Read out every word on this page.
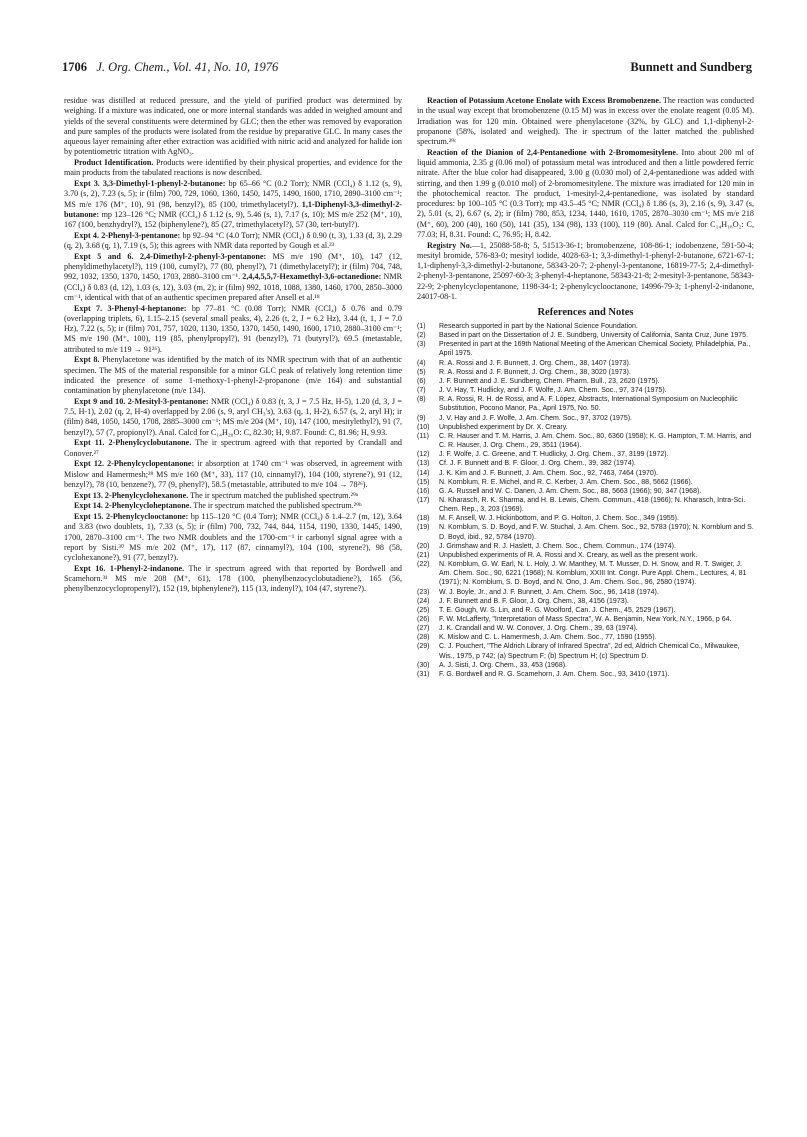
1706 J. Org. Chem., Vol. 41, No. 10, 1976	Bunnett and Sundberg

residue was distilled at reduced pressure, and the yield of purified product was determined by weighing. If a mixture was indicated, one or more internal standards was added in weighed amount and yields of the several constituents were determined by GLC; then the ether was removed by evaporation and pure samples of the products were isolated from the residue by preparative GLC. In many cases the aqueous layer remaining after ether extraction was acidified with nitric acid and analyzed for halide ion by potentiometric titration with AgNO₃.

Product Identification. Products were identified by their physical properties, and evidence for the main products from the tabulated reactions is now described.

Expt 3. 3,3-Dimethyl-1-phenyl-2-butanone: bp 65–66 °C (0.2 Torr); NMR (CCl₄) δ 1.12 (s, 9), 3.70 (s, 2), 7.23 (s, 5); ir (film) 700, 729, 1060, 1360, 1450, 1475, 1490, 1600, 1710, 2890–3100 cm⁻¹; MS m/e 176 (M⁺, 10), 91 (98, benzyl?), 85 (100, trimethylacetyl?). 1,1-Diphenyl-3,3-dimethyl-2-butanone: mp 123–126 °C; NMR (CCl₄) δ 1.12 (s, 9), 5.46 (s, 1), 7.17 (s, 10); MS m/e 252 (M⁺, 10), 167 (100, benzhydryl?), 152 (biphenylene?), 85 (27, trimethylacetyl?), 57 (30, tert-butyl?).

Expt 4. 2-Phenyl-3-pentanone: bp 92–94 °C (4.0 Torr); NMR (CCl₄) δ 0.90 (t, 3), 1.33 (d, 3), 2.29 (q, 2), 3.68 (q, 1), 7.19 (s, 5); this agrees with NMR data reported by Gough et al.²³

Expt 5 and 6. 2,4-Dimethyl-2-phenyl-3-pentanone: MS m/e 190 (M⁺, 10), 147 (12, phenyldimethylacetyl?), 119 (100, cumyl?), 77 (80, phenyl?), 71 (dimethylacetyl?); ir (film) 704, 748, 992, 1032, 1350, 1370, 1450, 1703, 2880–3100 cm⁻¹. 2,4,4,5,5,7-Hexamethyl-3,6-octanedione: NMR (CCl₄) δ 0.83 (d, 12), 1.03 (s, 12), 3.03 (m, 2); ir (film) 992, 1018, 1088, 1380, 1460, 1700, 2850–3000 cm⁻¹, identical with that of an authentic specimen prepared after Ansell et al.¹⁸

Expt 7. 3-Phenyl-4-heptanone: bp 77–81 °C (0.08 Torr); NMR (CCl₄) δ 0.76 and 0.79 (overlapping triplets, 6), 1.15–2.15 (several small peaks, 4), 2.26 (t, 2, J = 6.2 Hz), 3.44 (t, 1, J = 7.0 Hz), 7.22 (s, 5); ir (film) 701, 757, 1020, 1130, 1350, 1370, 1450, 1490, 1600, 1710, 2880–3100 cm⁻¹; MS m/e 190 (M⁺, 100), 119 (85, phenylpropyl?), 91 (benzyl?), 71 (butyryl?), 69.5 (metastable, attributed to m/e 119 → 91²⁶).

Expt 8. Phenylacetone was identified by the match of its NMR spectrum with that of an authentic specimen. The MS of the material responsible for a minor GLC peak of relatively long retention time indicated the presence of some 1-methoxy-1-phenyl-2-propanone (m/e 164) and substantial contamination by phenylacetone (m/e 134).

Expt 9 and 10. 2-Mesityl-3-pentanone: NMR (CCl₄) δ 0.83 (t, 3, J = 7.5 Hz, H-5), 1.20 (d, 3, J = 7.5, H-1), 2.02 (q, 2, H-4) overlapped by 2.06 (s, 9, aryl CH₃'s), 3.63 (q, 1, H-2), 6.57 (s, 2, aryl H); ir (film) 848, 1050, 1450, 1708, 2885–3000 cm⁻¹; MS m/e 204 (M⁺, 10), 147 (100, mesitylethyl?), 91 (7, benzyl?), 57 (7, propionyl?). Anal. Calcd for C₁₄H₂₀O: C, 82.30; H, 9.87. Found: C, 81.96; H, 9.93.

Expt 11. 2-Phenylcyclobutanone. The ir spectrum agreed with that reported by Crandall and Conover.²⁷

Expt 12. 2-Phenylcyclopentanone: ir absorption at 1740 cm⁻¹ was observed, in agreement with Mislow and Hamermesh;²⁸ MS m/e 160 (M⁺, 33), 117 (10, cinnamyl?), 104 (100, styrene?), 91 (12, benzyl?), 78 (10, benzene?), 77 (9, phenyl?), 58.5 (metastable, attributed to m/e 104 → 78²⁶).

Expt 13. 2-Phenylcyclohexanone. The ir spectrum matched the published spectrum.²⁹ᵃ

Expt 14. 2-Phenylcycloheptanone. The ir spectrum matched the published spectrum.²⁹ᵇ

Expt 15. 2-Phenylcyclooctanone: bp 115–120 °C (0.4 Torr); NMR (CCl₄) δ 1.4–2.7 (m, 12), 3.64 and 3.83 (two doublets, 1), 7.33 (s, 5); ir (film) 700, 732, 744, 844, 1154, 1190, 1330, 1445, 1490, 1700, 2870–3100 cm⁻¹. The two NMR doublets and the 1700-cm⁻¹ ir carbonyl signal agree with a report by Sisti.³⁰ MS m/e 202 (M⁺, 17), 117 (87, cinnamyl?), 104 (100, styrene?), 98 (58, cyclohexanone?), 91 (77, benzyl?).

Expt 16. 1-Phenyl-2-indanone. The ir spectrum agreed with that reported by Bordwell and Scamehorn.³¹ MS m/e 208 (M⁺, 61), 178 (100, phenylbenzocyclobutadiene?), 165 (56, phenylbenzocyclopropenyl?), 152 (19, biphenylene?), 115 (13, indenyl?), 104 (47, styrene?).

Reaction of Potassium Acetone Enolate with Excess Bromobenzene. The reaction was conducted in the usual way except that bromobenzene (0.15 M) was in excess over the enolate reagent (0.05 M). Irradiation was for 120 min. Obtained were phenylacetone (32%, by GLC) and 1,1-diphenyl-2-propanone (58%, isolated and weighed). The ir spectrum of the latter matched the published spectrum.²⁹ᶜ

Reaction of the Dianion of 2,4-Pentanedione with 2-Bromomesitylene. Into about 200 ml of liquid ammonia, 2.35 g (0.06 mol) of potassium metal was introduced and then a little powdered ferric nitrate. After the blue color had disappeared, 3.00 g (0.030 mol) of 2,4-pentanedione was added with stirring, and then 1.99 g (0.010 mol) of 2-bromomesitylene. The mixture was irradiated for 120 min in the photochemical reactor. The product, 1-mesityl-2,4-pentanedione, was isolated by standard procedures: bp 100–105 °C (0.3 Torr); mp 43.5–45 °C; NMR (CCl₄) δ 1.86 (s, 3), 2.16 (s, 9), 3.47 (s, 2), 5.01 (s, 2), 6.67 (s, 2); ir (film) 780, 853, 1234, 1440, 1610, 1705, 2870–3030 cm⁻¹; MS m/e 218 (M⁺, 60), 200 (40), 160 (50), 141 (35), 134 (98), 133 (100), 119 (80). Anal. Calcd for C₁₄H₁₈O₂: C, 77.03; H, 8.31. Found: C, 76.95; H, 8.42.

Registry No.—1, 25088-58-8; 5, 51513-36-1; bromobenzene, 108-86-1; iodobenzene, 591-50-4; mesityl bromide, 576-83-0; mesityl iodide, 4028-63-1; 3,3-dimethyl-1-phenyl-2-butanone, 6721-67-1; 1,1-diphenyl-3,3-dimethyl-2-butanone, 58343-20-7; 2-phenyl-3-pentanone, 16819-77-5; 2,4-dimethyl-2-phenyl-3-pentanone, 25097-60-3; 3-phenyl-4-heptanone, 58343-21-8; 2-mesityl-3-pentanone, 58343-22-9; 2-phenylcyclopentanone, 1198-34-1; 2-phenylcyclooctanone, 14996-79-3; 1-phenyl-2-indanone, 24017-08-1.

References and Notes
(1) Research supported in part by the National Science Foundation.
(2) Based in part on the Dissertation of J. E. Sundberg, University of California, Santa Cruz, June 1975.
(3) Presented in part at the 169th National Meeting of the American Chemical Society, Philadelphia, Pa., April 1975.
(4) R. A. Rossi and J. F. Bunnett, J. Org. Chem., 38, 1407 (1973).
(5) R. A. Rossi and J. F. Bunnett, J. Org. Chem., 38, 3020 (1973).
(6) J. F. Bunnett and J. E. Sundberg, Chem. Pharm. Bull., 23, 2620 (1975).
(7) J. V. Hay, T. Hudlicky, and J. F. Wolfe, J. Am. Chem. Soc., 97, 374 (1975).
(8) R. A. Rossi, R. H. de Rossi, and A. F. López, Abstracts, International Symposium on Nucleophilic Substitution, Pocono Manor, Pa., April 1975, No. 50.
(9) J. V. Hay and J. F. Wolfe, J. Am. Chem. Soc., 97, 3702 (1975).
(10) Unpublished experiment by Dr. X. Creary.
(11) C. R. Hauser and T. M. Harris, J. Am. Chem. Soc., 80, 6360 (1958); K. G. Hampton, T. M. Harris, and C. R. Hauser, J. Org. Chem., 29, 3511 (1964).
(12) J. F. Wolfe, J. C. Greene, and T. Hudlicky, J. Org. Chem., 37, 3199 (1972).
(13) Cf. J. F. Bunnett and B. F. Gloor, J. Org. Chem., 39, 382 (1974).
(14) J. K. Kim and J. F. Bunnett, J. Am. Chem. Soc., 92, 7463, 7464 (1970).
(15) N. Kornblum, R. E. Michel, and R. C. Kerber, J. Am. Chem. Soc., 88, 5662 (1966).
(16) G. A. Russell and W. C. Danen, J. Am. Chem. Soc., 88, 5663 (1966); 90, 347 (1968).
(17) N. Kharasch, R. K. Sharma, and H. B. Lewis, Chem. Commun., 418 (1966); N. Kharasch, Intra-Sci. Chem. Rep., 3, 203 (1969).
(18) M. F. Ansell, W. J. Hickinbottom, and P. G. Holton, J. Chem. Soc., 349 (1955).
(19) N. Kornblum, S. D. Boyd, and F. W. Stuchal, J. Am. Chem. Soc., 92, 5783 (1970); N. Kornblum and S. D. Boyd, ibid., 92, 5784 (1970).
(20) J. Grimshaw and R. J. Haslett, J. Chem. Soc., Chem. Commun., 174 (1974).
(21) Unpublished experiments of R. A. Rossi and X. Creary, as well as the present work.
(22) N. Kornblum, G. W. Earl, N. L. Holy, J. W. Manthey, M. T. Musser, D. H. Snow, and R. T. Swiger, J. Am. Chem. Soc., 90, 6221 (1968); N. Kornblum, XXIII Int. Congr. Pure Appl. Chem., Lectures, 4, 81 (1971); N. Kornblum, S. D. Boyd, and N. Ono, J. Am. Chem. Soc., 96, 2580 (1974).
(23) W. J. Boyle, Jr., and J. F. Bunnett, J. Am. Chem. Soc., 96, 1418 (1974).
(24) J. F. Bunnett and B. F. Gloor, J. Org. Chem., 38, 4156 (1973).
(25) T. E. Gough, W. S. Lin, and R. G. Woolford, Can. J. Chem., 45, 2529 (1967).
(26) F. W. McLafferty, "Interpretation of Mass Spectra", W. A. Benjamin, New York, N.Y., 1966, p 64.
(27) J. K. Crandall and W. W. Conover, J. Org. Chem., 39, 63 (1974).
(28) K. Mislow and C. L. Hamermesh, J. Am. Chem. Soc., 77, 1590 (1955).
(29) C. J. Pouchert, "The Aldrich Library of Infrared Spectra", 2d ed, Aldrich Chemical Co., Milwaukee, Wis., 1975, p 742; (a) Spectrum F; (b) Spectrum H; (c) Spectrum D.
(30) A. J. Sisti, J. Org. Chem., 33, 453 (1968).
(31) F. G. Bordwell and R. G. Scamehorn, J. Am. Chem. Soc., 93, 3410 (1971).
